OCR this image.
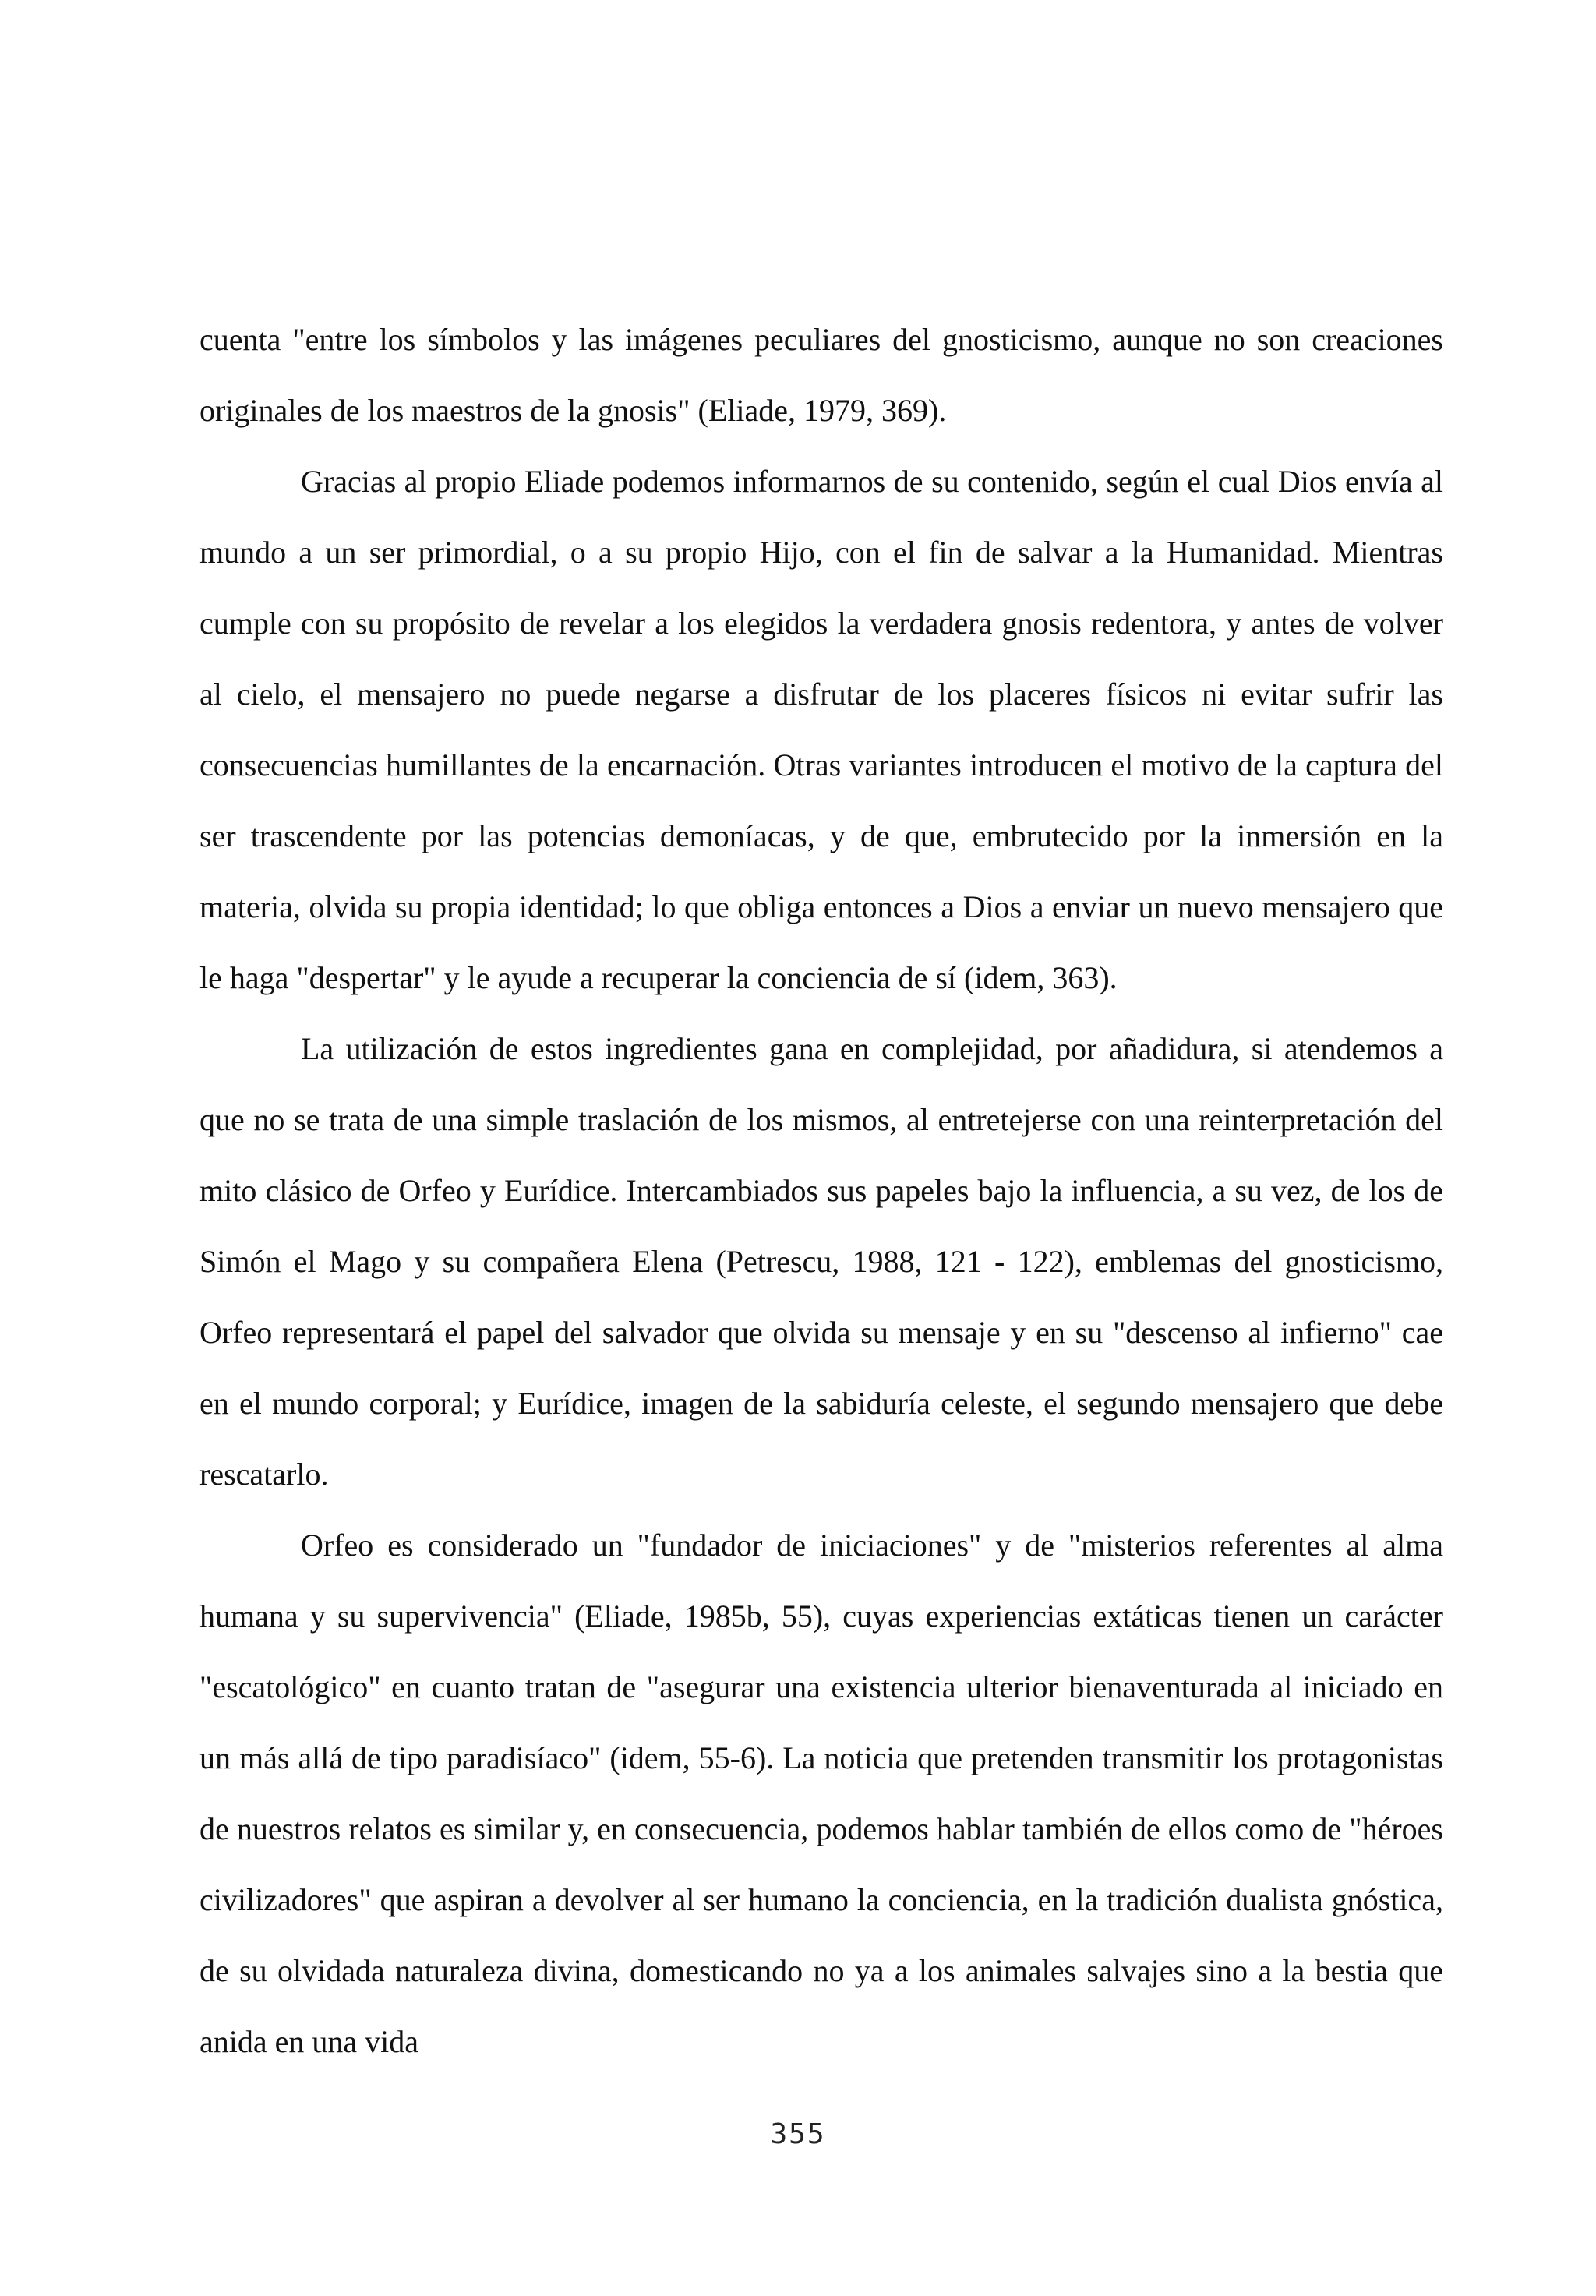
cuenta "entre los símbolos y las imágenes peculiares del gnosticismo, aunque no son creaciones originales de los maestros de la gnosis" (Eliade, 1979, 369).

Gracias al propio Eliade podemos informarnos de su contenido, según el cual Dios envía al mundo a un ser primordial, o a su propio Hijo, con el fin de salvar a la Humanidad. Mientras cumple con su propósito de revelar a los elegidos la verdadera gnosis redentora, y antes de volver al cielo, el mensajero no puede negarse a disfrutar de los placeres físicos ni evitar sufrir las consecuencias humillantes de la encarnación. Otras variantes introducen el motivo de la captura del ser trascendente por las potencias demoníacas, y de que, embrutecido por la inmersión en la materia, olvida su propia identidad; lo que obliga entonces a Dios a enviar un nuevo mensajero que le haga "despertar" y le ayude a recuperar la conciencia de sí (idem, 363).

La utilización de estos ingredientes gana en complejidad, por añadidura, si atendemos a que no se trata de una simple traslación de los mismos, al entretejerse con una reinterpretación del mito clásico de Orfeo y Eurídice. Intercambiados sus papeles bajo la influencia, a su vez, de los de Simón el Mago y su compañera Elena (Petrescu, 1988, 121 - 122), emblemas del gnosticismo, Orfeo representará el papel del salvador que olvida su mensaje y en su "descenso al infierno" cae en el mundo corporal; y Eurídice, imagen de la sabiduría celeste, el segundo mensajero que debe rescatarlo.

Orfeo es considerado un "fundador de iniciaciones" y de "misterios referentes al alma humana y su supervivencia" (Eliade, 1985b, 55), cuyas experiencias extáticas tienen un carácter "escatológico" en cuanto tratan de "asegurar una existencia ulterior bienaventurada al iniciado en un más allá de tipo paradisíaco" (idem, 55-6). La noticia que pretenden transmitir los protagonistas de nuestros relatos es similar y, en consecuencia, podemos hablar también de ellos como de "héroes civilizadores" que aspiran a devolver al ser humano la conciencia, en la tradición dualista gnóstica, de su olvidada naturaleza divina, domesticando no ya a los animales salvajes sino a la bestia que anida en una vida

355
